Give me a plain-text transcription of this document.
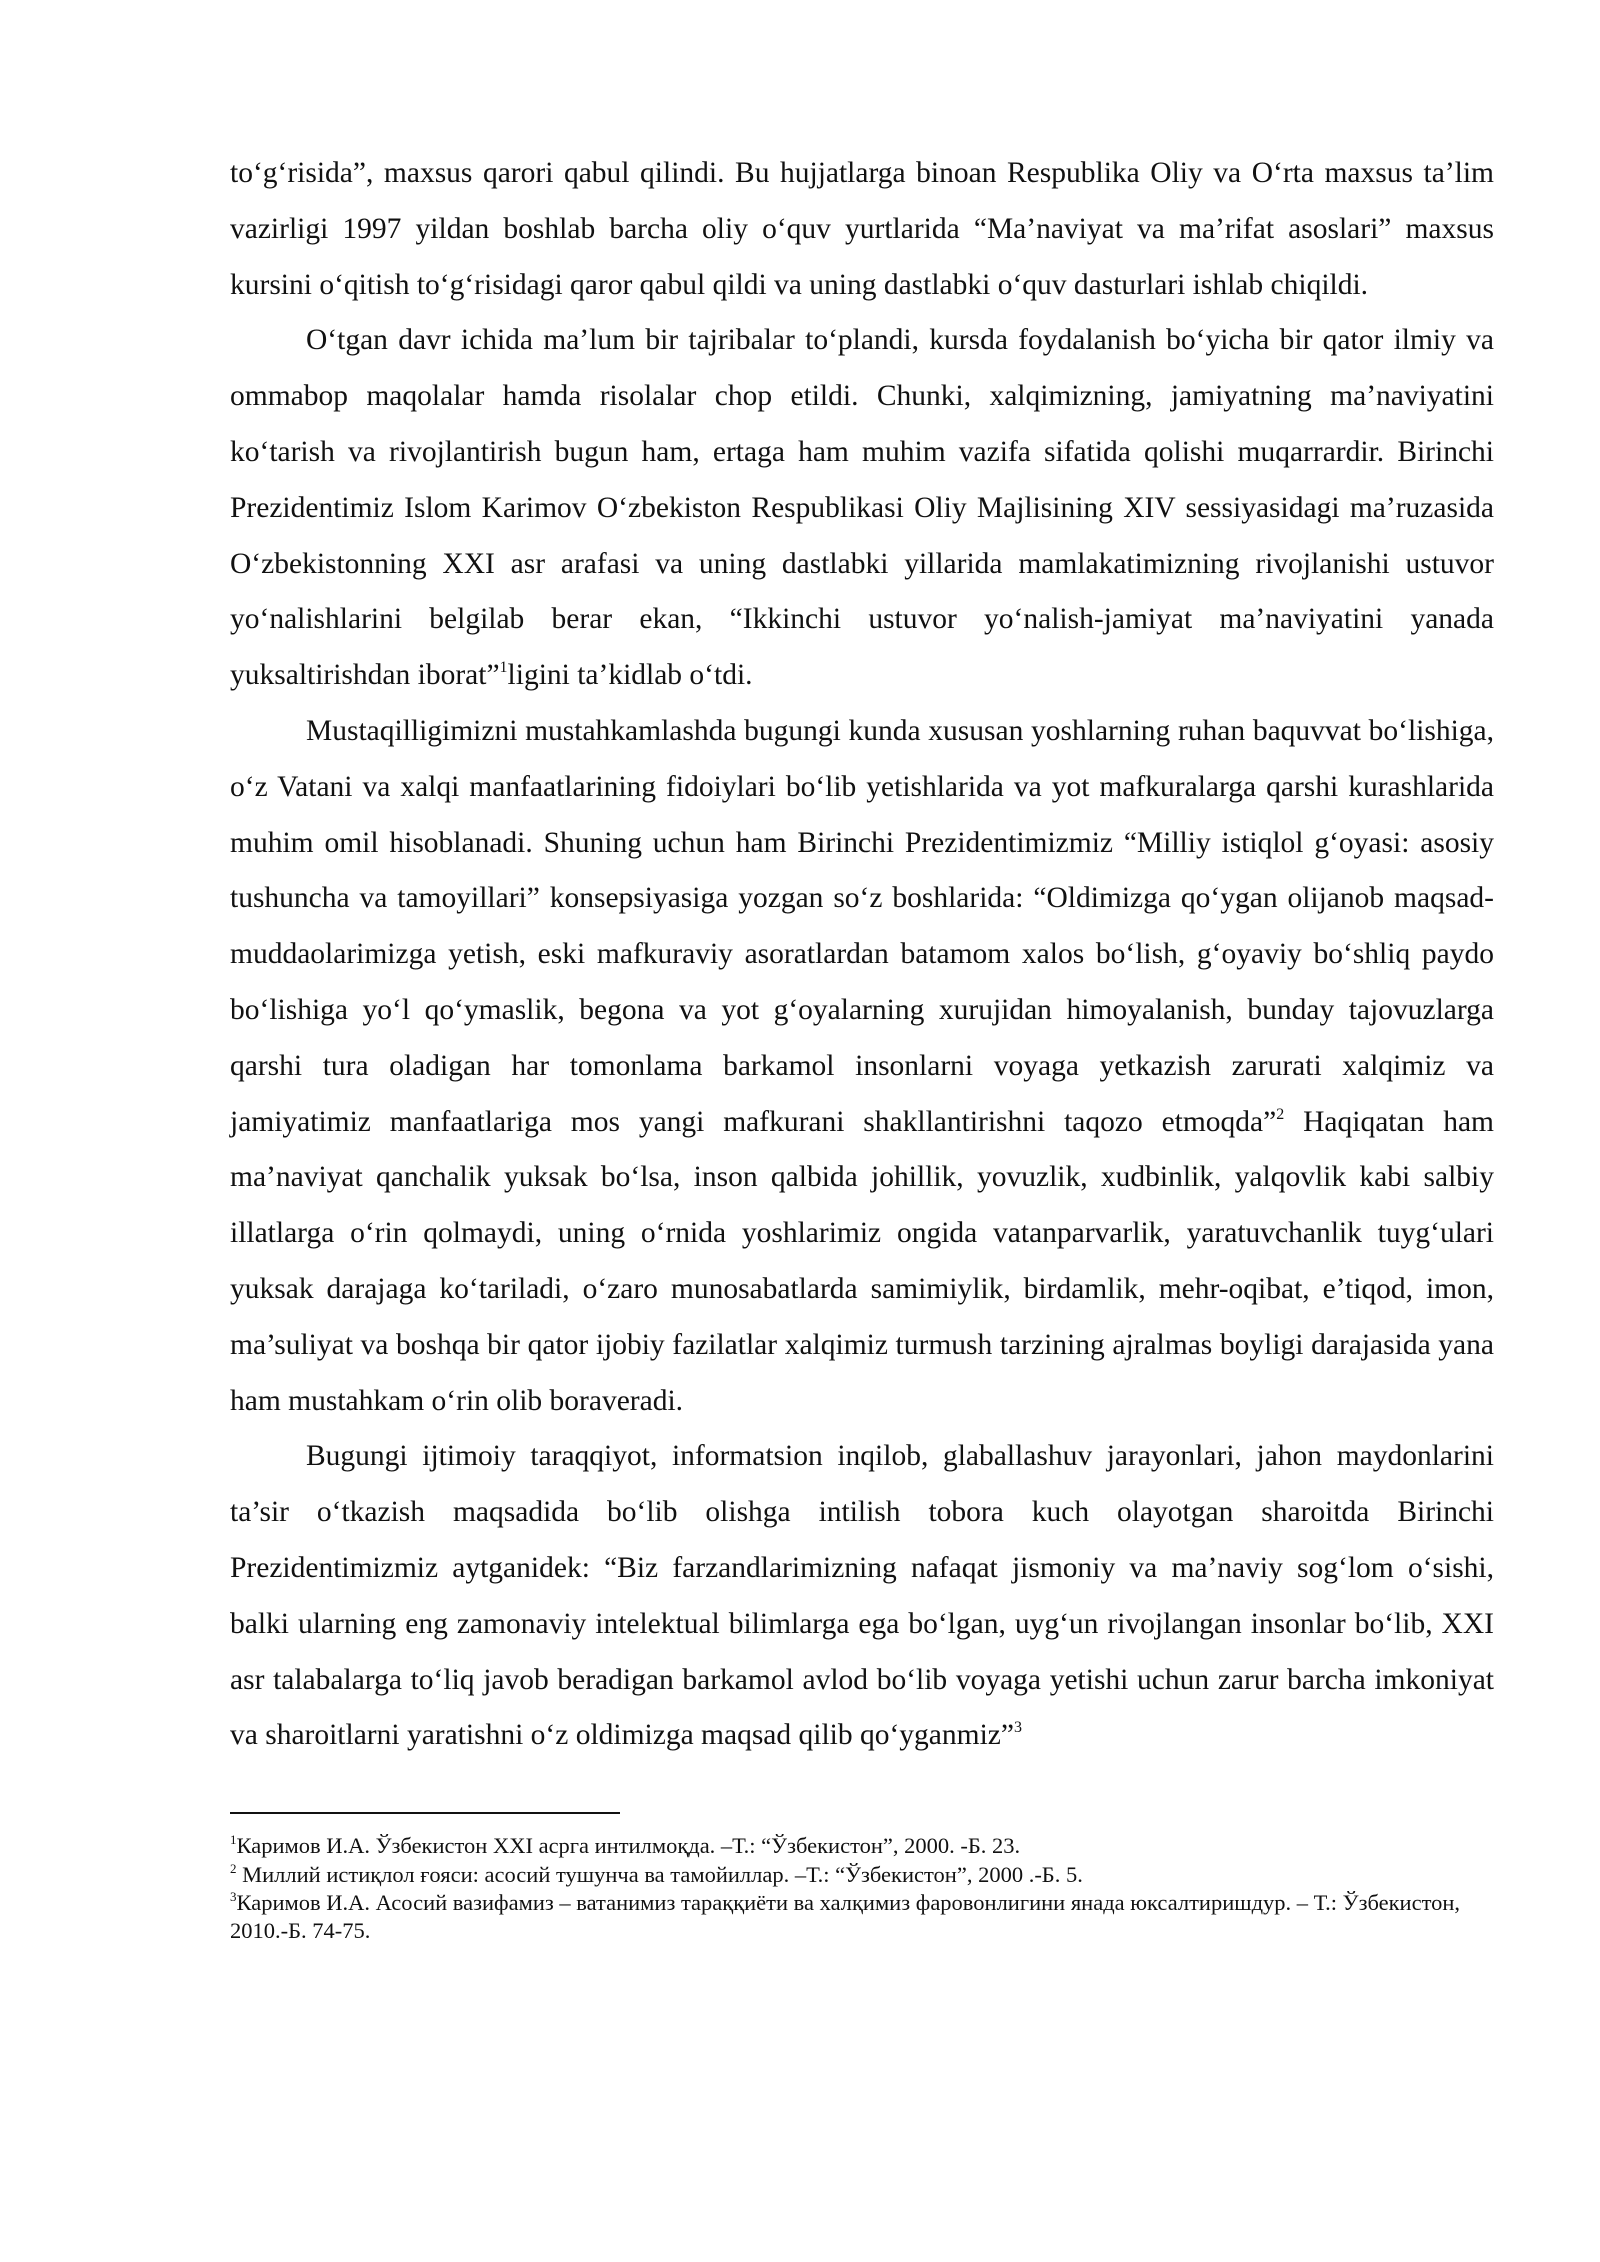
to‘g‘risida”, maxsus qarori qabul qilindi. Bu hujjatlarga binoan Respublika Oliy va O‘rta maxsus ta’lim vazirligi 1997 yildan boshlab barcha oliy o‘quv yurtlarida “Ma’naviyat va ma’rifat asoslari” maxsus kursini o‘qitish to‘g‘risidagi qaror qabul qildi va uning dastlabki o‘quv dasturlari ishlab chiqildi.

O‘tgan davr ichida ma’lum bir tajribalar to‘plandi, kursda foydalanish bo‘yicha bir qator ilmiy va ommabop maqolalar hamda risolalar chop etildi. Chunki, xalqimizning, jamiyatning ma’naviyatini ko‘tarish va rivojlantirish bugun ham, ertaga ham muhim vazifa sifatida qolishi muqarrardir. Birinchi Prezidentimiz Islom Karimov O‘zbekiston Respublikasi Oliy Majlisining XIV sessiyasidagi ma’ruzasida O‘zbekistonning XXI asr arafasi va uning dastlabki yillarida mamlakatimizning rivojlanishi ustuvor yo‘nalishlarini belgilab berar ekan, “Ikkinchi ustuvor yo‘nalish-jamiyat ma’naviyatini yanada yuksaltirishdan iborat”$^1$ligini ta’kidlab o‘tdi.

Mustaqilligimizni mustahkamlashda bugungi kunda xususan yoshlarning ruhan baquvvat bo‘lishiga, o‘z Vatani va xalqi manfaatlarining fidoiylari bo‘lib yetishlarida va yot mafkuralarga qarshi kurashlarida muhim omil hisoblanadi. Shuning uchun ham Birinchi Prezidentimizmiz “Milliy istiqlol g‘oyasi: asosiy tushuncha va tamoyillari” konsepsiyasiga yozgan so‘z boshlarida: “Oldimizga qo‘ygan olijanob maqsad-muddaolarimizga yetish, eski mafkuraviy asoratlardan batamom xalos bo‘lish, g‘oyaviy bo‘shliq paydo bo‘lishiga yo‘l qo‘ymaslik, begona va yot g‘oyalarning xurujidan himoyalanish, bunday tajovuzlarga qarshi tura oladigan har tomonlama barkamol insonlarni voyaga yetkazish zarurati xalqimiz va jamiyatimiz manfaatlariga mos yangi mafkurani shakllantirishni taqozo etmoqda”$^2$ Haqiqatan ham ma’naviyat qanchalik yuksak bo‘lsa, inson qalbida johillik, yovuzlik, xudbinlik, yalqovlik kabi salbiy illatlarga o‘rin qolmaydi, uning o‘rnida yoshlarimiz ongida vatanparvarlik, yaratuvchanlik tuyg‘ulari yuksak darajaga ko‘tariladi, o‘zaro munosabatlarda samimiylik, birdamlik, mehr-oqibat, e’tiqod, imon, ma’suliyat va boshqa bir qator ijobiy fazilatlar xalqimiz turmush tarzining ajralmas boyligi darajasida yana ham mustahkam o‘rin olib boraveradi.

Bugungi ijtimoiy taraqqiyot, informatsion inqilob, glaballashuv jarayonlari, jahon maydonlarini ta’sir o‘tkazish maqsadida bo‘lib olishga intilish tobora kuch olayotgan sharoitda Birinchi Prezidentimizmiz aytganidek: “Biz farzandlarimizning nafaqat jismoniy va ma’naviy sog‘lom o‘sishi, balki ularning eng zamonaviy intelektual bilimlarga ega bo‘lgan, uyg‘un rivojlangan insonlar bo‘lib, XXI asr talabalarga to‘liq javob beradigan barkamol avlod bo‘lib voyaga yetishi uchun zarur barcha imkoniyat va sharoitlarni yaratishni o‘z oldimizga maqsad qilib qo‘yganmiz”$^3$

$^1$Каримов И.А. Ўзбекистон XXI асрга интилмоқда. –Т.: “Ўзбекистон”, 2000. -Б. 23.

$^2$ Миллий истиқлол ғояси: асосий тушунча ва тамойиллар. –Т.: “Ўзбекистон”, 2000 .-Б. 5.

$^3$Каримов И.А. Асосий вазифамиз – ватанимиз тараққиёти ва халқимиз фаровонлигини янада юксалтиришдур. – Т.: Ўзбекистон, 2010.-Б. 74-75.
